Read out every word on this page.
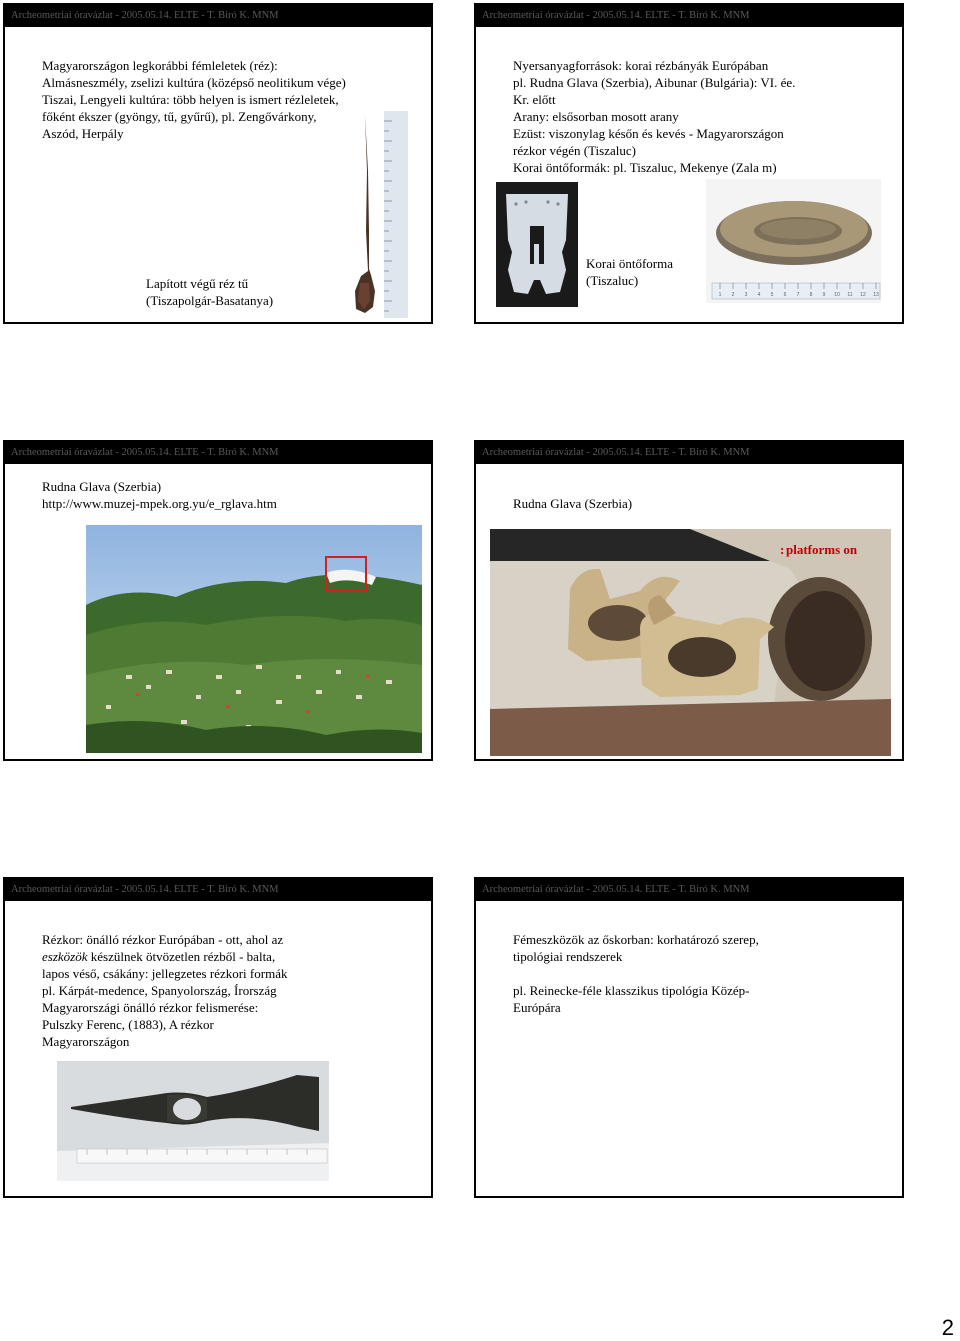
Archeometriai óravázlat - 2005.05.14. ELTE - T. Biró K. MNM

Magyarországon legkorábbi fémleletek (réz):

Almásneszmély, zselizi kultúra (középső neolitikum vége)

Tiszai, Lengyeli kultúra: több helyen is ismert rézleletek,

főként ékszer (gyöngy, tű, gyűrű), pl. Zengővárkony,

Aszód, Herpály

Lapított végű réz tű

(Tiszapolgár-Basatanya)

Archeometriai óravázlat - 2005.05.14. ELTE - T. Biró K. MNM

Nyersanyagforrások: korai rézbányák Európában

pl. Rudna Glava (Szerbia), Aibunar (Bulgária): VI. ée.

Kr. előtt

Arany: elsősorban mosott arany

Ezüst: viszonylag későn és kevés - Magyarországon

rézkor végén (Tiszaluc)

Korai öntőformák: pl. Tiszaluc, Mekenye (Zala m)

Korai öntőforma

(Tiszaluc)

1 2 3 4 5 6 7 8 9 10 11 12 13
Archeometriai óravázlat - 2005.05.14. ELTE - T. Biró K. MNM

Rudna Glava (Szerbia)

http://www.muzej-mpek.org.yu/e_rglava.htm

Archeometriai óravázlat - 2005.05.14. ELTE - T. Biró K. MNM
Rudna Glava (Szerbia)
platforms on
:
Archeometriai óravázlat - 2005.05.14. ELTE - T. Biró K. MNM

Rézkor: önálló rézkor Európában - ott, ahol az

eszközök készülnek ötvözetlen rézből - balta,

lapos véső, csákány: jellegzetes rézkori formák

pl. Kárpát-medence, Spanyolország, Írország

Magyarországi önálló rézkor felismerése:

Pulszky Ferenc, (1883), A rézkor

Magyarországon

Archeometriai óravázlat - 2005.05.14. ELTE - T. Biró K. MNM

Fémeszközök az őskorban: korhatározó szerep,

tipológiai rendszerek

pl. Reinecke-féle klasszikus tipológia Közép-

Európára

2
